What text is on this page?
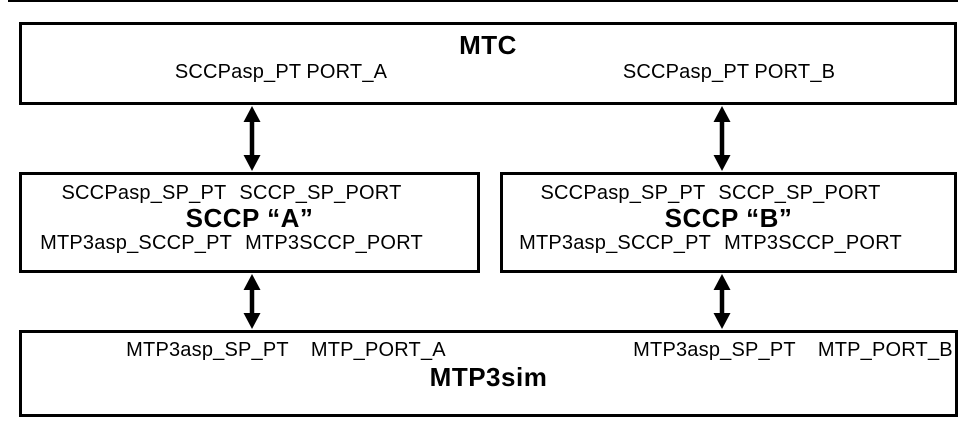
MTC
SCCPasp_PT PORT_A	SCCPasp_PT PORT_B
SCCPasp_SP_PT SCCP_SP_PORT
SCCP “A”
MTP3asp_SCCP_PT MTP3SCCP_PORT
SCCPasp_SP_PT SCCP_SP_PORT
SCCP “B”
MTP3asp_SCCP_PT MTP3SCCP_PORT
MTP3asp_SP_PT MTP_PORT_A	MTP3asp_SP_PT MTP_PORT_B
MTP3sim
